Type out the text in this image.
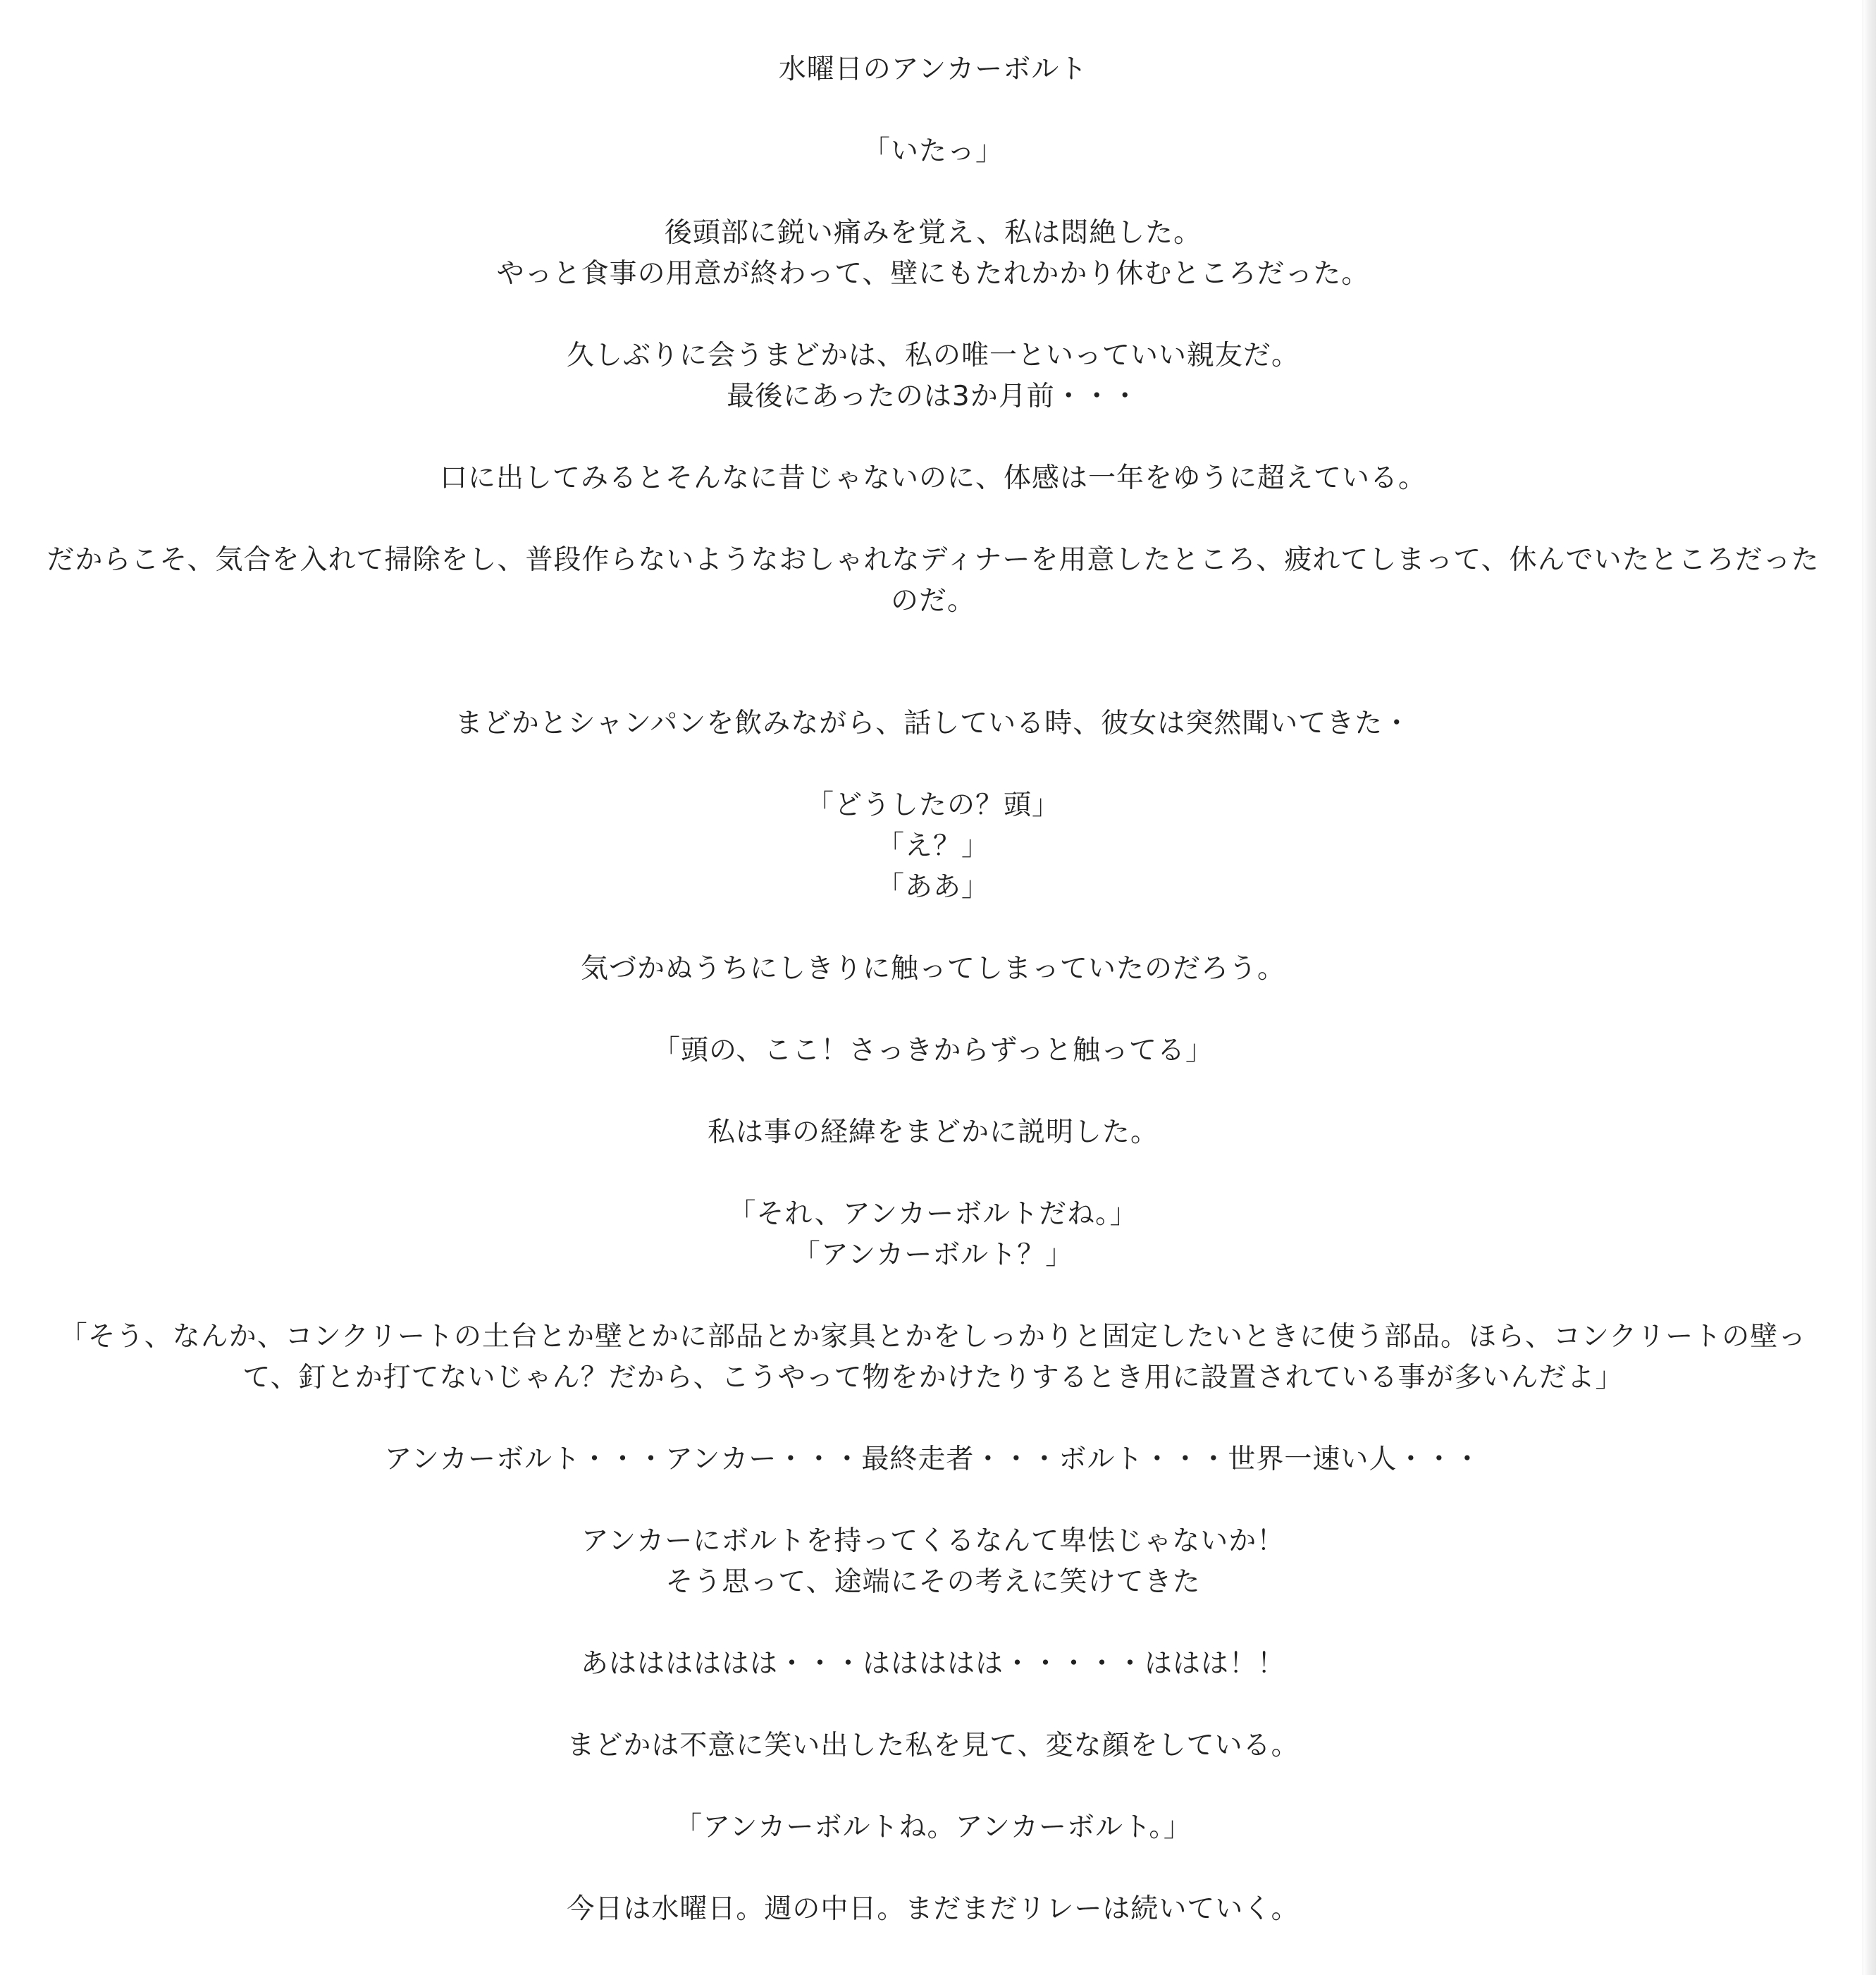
水曜日のアンカーボルト
「いたっ」
後頭部に鋭い痛みを覚え、私は悶絶した。
やっと食事の用意が終わって、壁にもたれかかり休むところだった。
久しぶりに会うまどかは、私の唯一といっていい親友だ。
最後にあったのは3か月前・・・
口に出してみるとそんなに昔じゃないのに、体感は一年をゆうに超えている。
だからこそ、気合を入れて掃除をし、普段作らないようなおしゃれなディナーを用意したところ、疲れてしまって、休んでいたところだったのだ。
まどかとシャンパンを飲みながら、話している時、彼女は突然聞いてきた・
「どうしたの？頭」
「え？」
「ああ」
気づかぬうちにしきりに触ってしまっていたのだろう。
「頭の、ここ！さっきからずっと触ってる」
私は事の経緯をまどかに説明した。
「それ、アンカーボルトだね。」
「アンカーボルト？」
「そう、なんか、コンクリートの土台とか壁とかに部品とか家具とかをしっかりと固定したいときに使う部品。ほら、コンクリートの壁って、釘とか打てないじゃん？だから、こうやって物をかけたりするとき用に設置されている事が多いんだよ」
アンカーボルト・・・アンカー・・・最終走者・・・ボルト・・・世界一速い人・・・
アンカーにボルトを持ってくるなんて卑怯じゃないか！
そう思って、途端にその考えに笑けてきた
あはははははは・・・ははははは・・・・・ははは！！
まどかは不意に笑い出した私を見て、変な顔をしている。
「アンカーボルトね。アンカーボルト。」
今日は水曜日。週の中日。まだまだリレーは続いていく。
